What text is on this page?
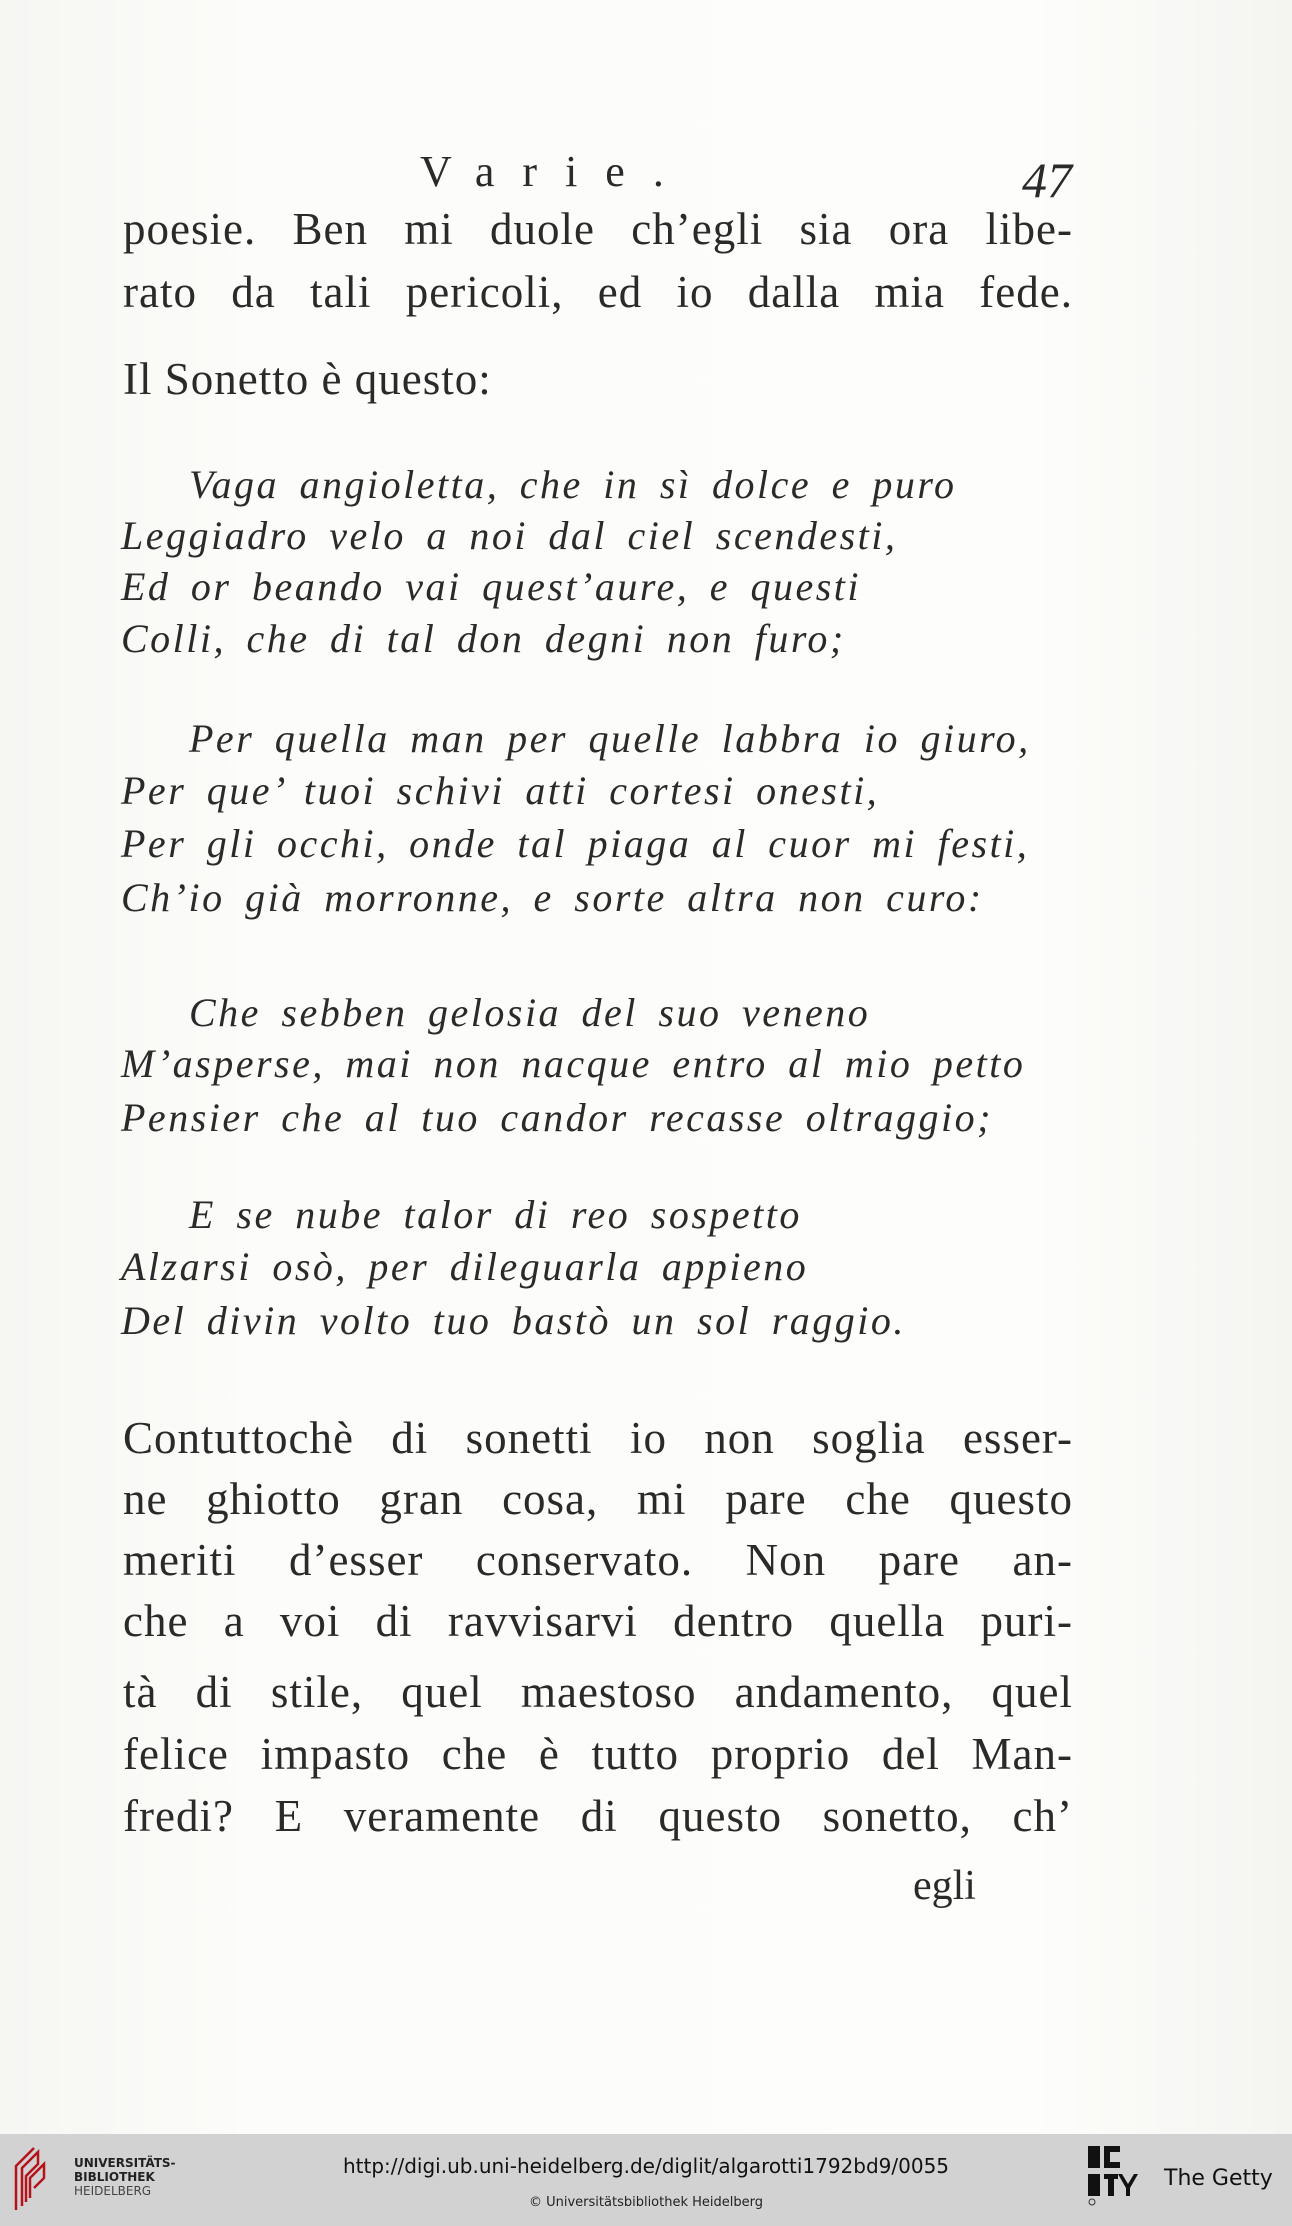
Varie.	47
poesie. Ben mi duole ch’egli sia ora libe-
rato da tali pericoli, ed io dalla mia fede.
Il Sonetto è questo:
Vaga angioletta, che in sì dolce e puro
Leggiadro velo a noi dal ciel scendesti,
Ed or beando vai quest’aure, e questi
Colli, che di tal don degni non furo;
Per quella man per quelle labbra io giuro,
Per que’ tuoi schivi atti cortesi onesti,
Per gli occhi, onde tal piaga al cuor mi festi,
Ch’io già morronne, e sorte altra non curo:
Che sebben gelosia del suo veneno
M’asperse, mai non nacque entro al mio petto
Pensier che al tuo candor recasse oltraggio;
E se nube talor di reo sospetto
Alzarsi osò, per dileguarla appieno
Del divin volto tuo bastò un sol raggio.
Contuttochè di sonetti io non soglia esser-
ne ghiotto gran cosa, mi pare che questo
meriti d’esser conservato. Non pare an-
che a voi di ravvisarvi dentro quella puri-
tà di stile, quel maestoso andamento, quel
felice impasto che è tutto proprio del Man-
fredi? E veramente di questo sonetto, ch’
egli
UNIVERSITÄTS-
BIBLIOTHEK
HEIDELBERG
http://digi.ub.uni-heidelberg.de/diglit/algarotti1792bd9/0055
© Universitätsbibliothek Heidelberg
The Getty
